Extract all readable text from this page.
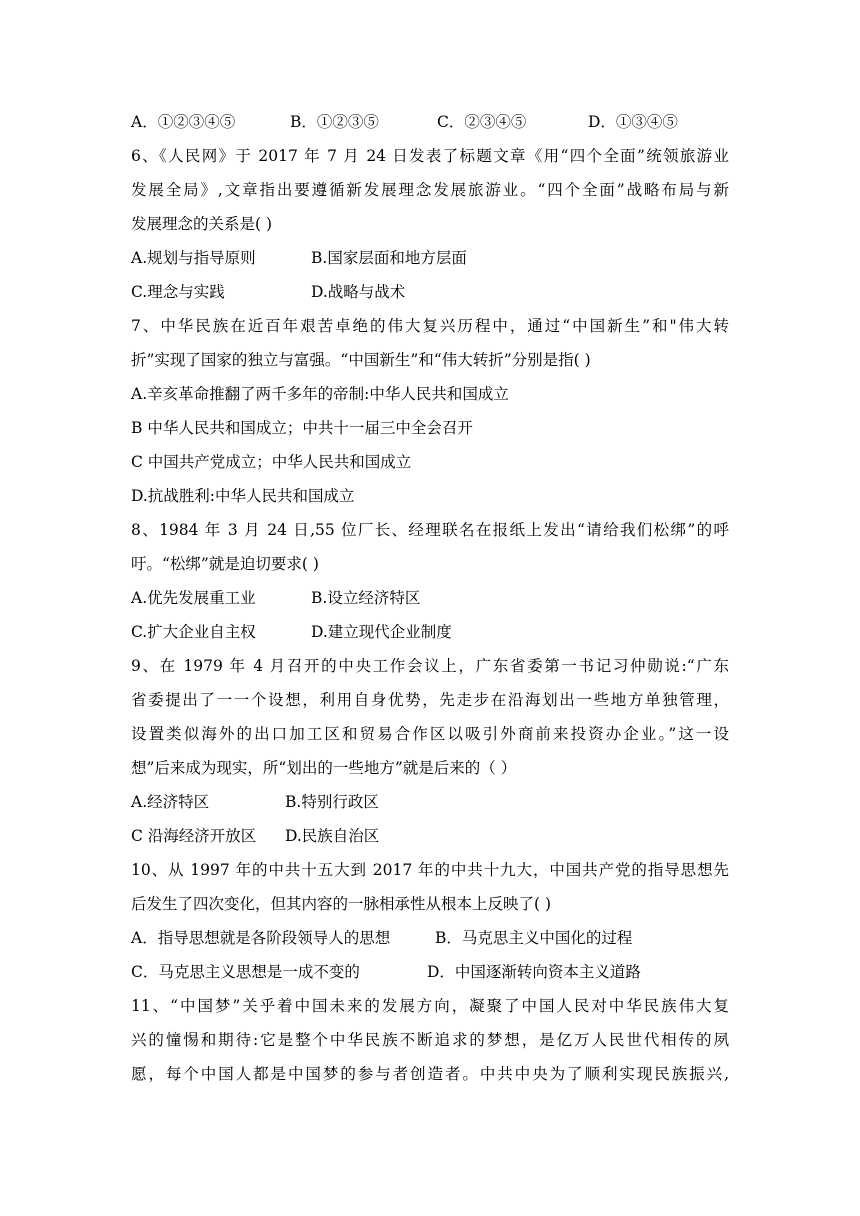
A．①②③④⑤	B．①②③⑤	C．②③④⑤	D．①③④⑤
6、《人民网》于 2017 年 7 月 24 日发表了标题文章《用“四个全面”统领旅游业
发展全局》,文章指出要遵循新发展理念发展旅游业。“四个全面”战略布局与新
发展理念的关系是( )
A.规划与指导原则	B.国家层面和地方层面
C.理念与实践	D.战略与战术
7、中华民族在近百年艰苦卓绝的伟大复兴历程中，通过“中国新生”和"伟大转
折”实现了国家的独立与富强。“中国新生”和“伟大转折”分别是指( )
A.辛亥革命推翻了两千多年的帝制:中华人民共和国成立
B 中华人民共和国成立；中共十一届三中全会召开
C 中国共产党成立；中华人民共和国成立
D.抗战胜利:中华人民共和国成立
8、1984 年 3 月 24 日,55 位厂长、经理联名在报纸上发出“请给我们松绑”的呼
吁。“松绑”就是迫切要求( )
A.优先发展重工业	B.设立经济特区
C.扩大企业自主权	D.建立现代企业制度
9、在 1979 年 4 月召开的中央工作会议上，广东省委第一书记习仲勋说:“广东
省委提出了一一个设想，利用自身优势，先走步在沿海划出一些地方单独管理，
设置类似海外的出口加工区和贸易合作区以吸引外商前来投资办企业。”这一设
想”后来成为现实，所“划出的一些地方”就是后来的（ ）
A.经济特区	B.特别行政区
C 沿海经济开放区 D.民族自治区
10、从 1997 年的中共十五大到 2017 年的中共十九大，中国共产党的指导思想先
后发生了四次变化，但其内容的一脉相承性从根本上反映了( )
A．指导思想就是各阶段领导人的思想	B．马克思主义中国化的过程
C．马克思主义思想是一成不变的	D．中国逐渐转向资本主义道路
11、“中国梦”关乎着中国未来的发展方向，凝聚了中国人民对中华民族伟大复
兴的憧惕和期待:它是整个中华民族不断追求的梦想，是亿万人民世代相传的夙
愿，每个中国人都是中国梦的参与者创造者。中共中央为了顺利实现民族振兴,
